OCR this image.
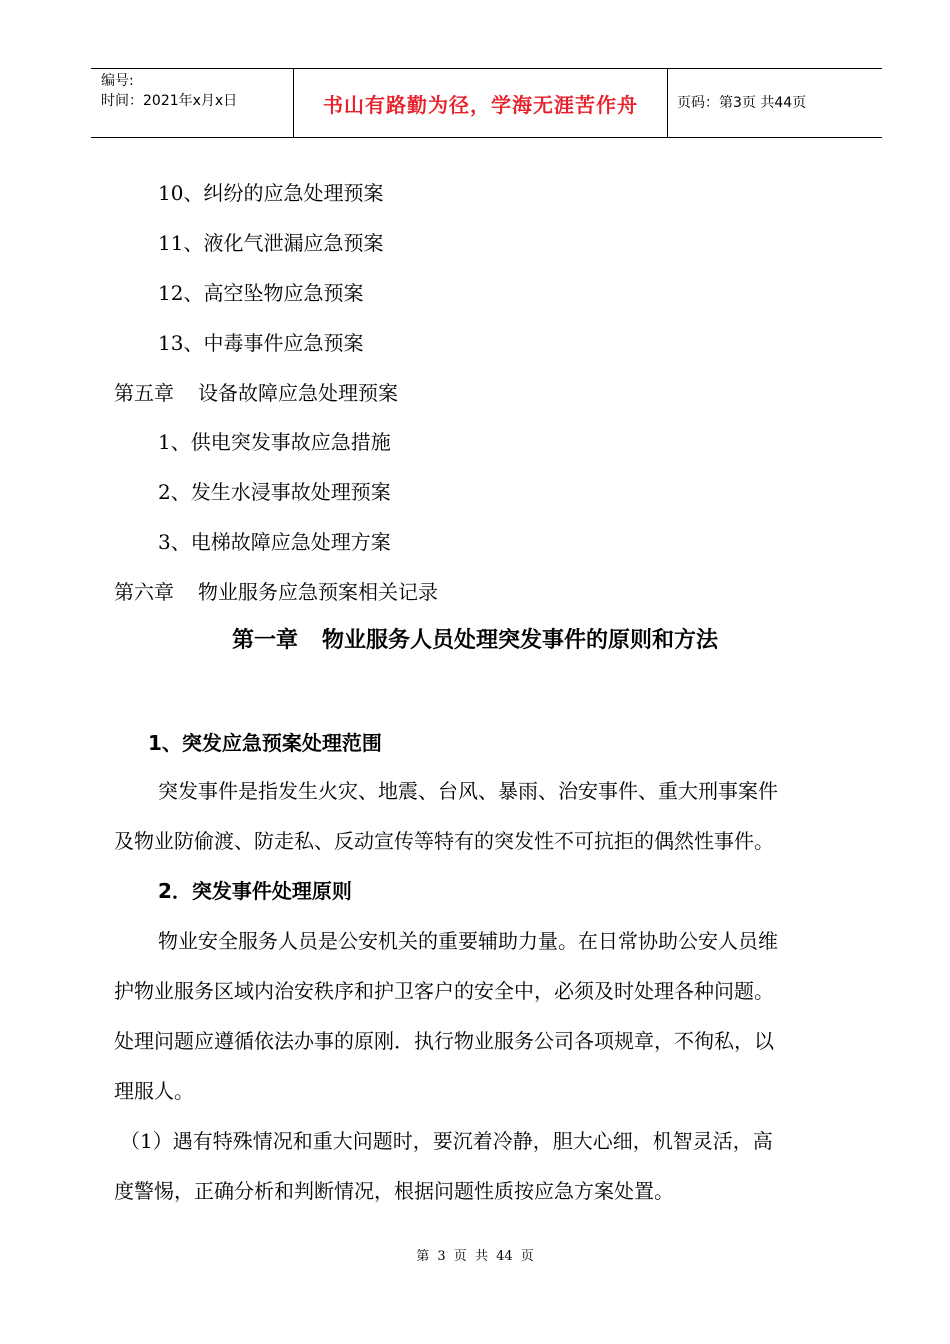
编号:
时间：2021年x月x日	书山有路勤为径，学海无涯苦作舟	页码：第3页 共44页
10、纠纷的应急处理预案
11、液化气泄漏应急预案
12、高空坠物应急预案
13、中毒事件应急预案
第五章 设备故障应急处理预案
1、供电突发事故应急措施
2、发生水浸事故处理预案
3、电梯故障应急处理方案
第六章 物业服务应急预案相关记录
第一章 物业服务人员处理突发事件的原则和方法
1、突发应急预案处理范围
突发事件是指发生火灾、地震、台风、暴雨、治安事件、重大刑事案件
及物业防偷渡、防走私、反动宣传等特有的突发性不可抗拒的偶然性事件。
2．突发事件处理原则
物业安全服务人员是公安机关的重要辅助力量。在日常协助公安人员维
护物业服务区域内治安秩序和护卫客户的安全中，必须及时处理各种问题。
处理问题应遵循依法办事的原刚．执行物业服务公司各项规章，不徇私，以
理服人。
（1）遇有特殊情况和重大问题时，要沉着冷静，胆大心细，机智灵活，高
度警惕，正确分析和判断情况，根据问题性质按应急方案处置。
第 3 页 共 44 页
